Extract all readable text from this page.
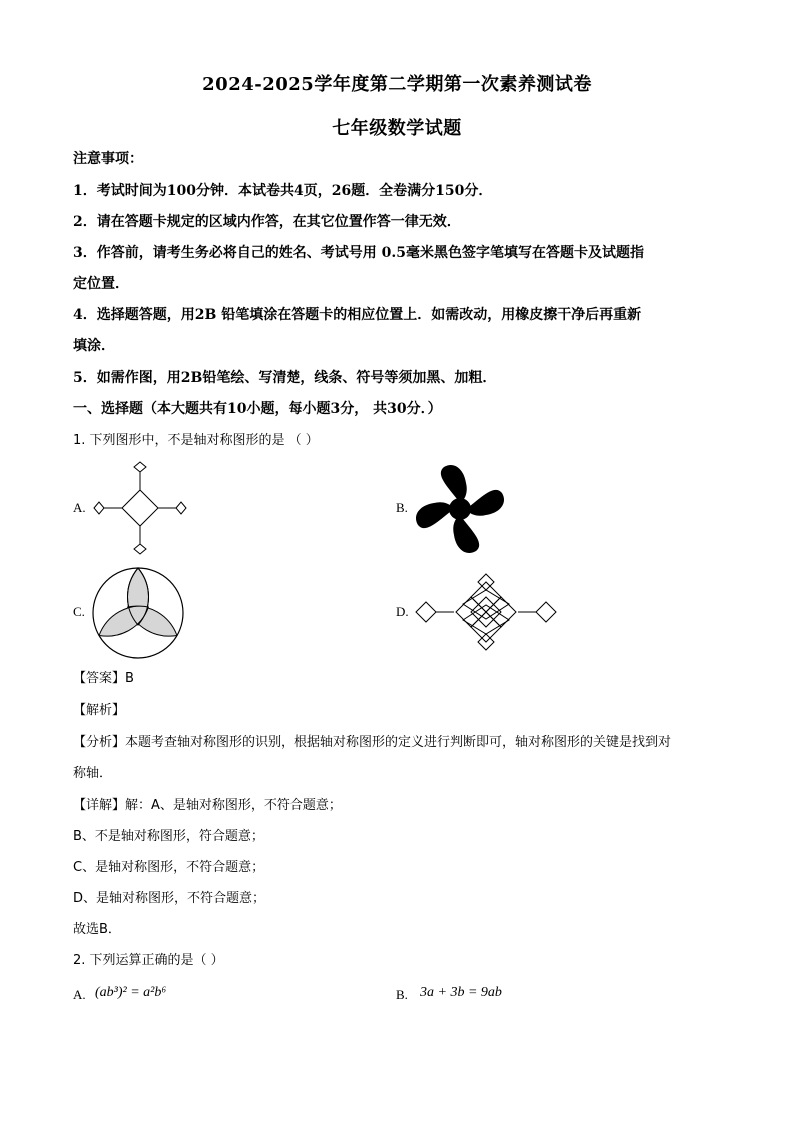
2024-2025学年度第二学期第一次素养测试卷
七年级数学试题
注意事项：
1．考试时间为100分钟．本试卷共4页，26题．全卷满分150分．
2．请在答题卡规定的区域内作答，在其它位置作答一律无效．
3．作答前，请考生务必将自己的姓名、考试号用 0.5毫米黑色签字笔填写在答题卡及试题指
定位置．
4．选择题答题，用2B 铅笔填涂在答题卡的相应位置上．如需改动，用橡皮擦干净后再重新
填涂．
5．如需作图，用2B铅笔绘、写清楚，线条、符号等须加黑、加粗．
一、选择题（本大题共有10小题，每小题3分， 共30分．）
1. 下列图形中，不是轴对称图形的是 （ ）
A.	B.
C.	D.
【答案】B
【解析】
【分析】本题考查轴对称图形的识别，根据轴对称图形的定义进行判断即可，轴对称图形的关键是找到对
称轴．
【详解】解：A、是轴对称图形，不符合题意；
B、不是轴对称图形，符合题意；
C、是轴对称图形，不符合题意；
D、是轴对称图形，不符合题意；
故选B．
2. 下列运算正确的是（ ）
A. (ab³)² = a²b⁶	B. 3a + 3b = 9ab
